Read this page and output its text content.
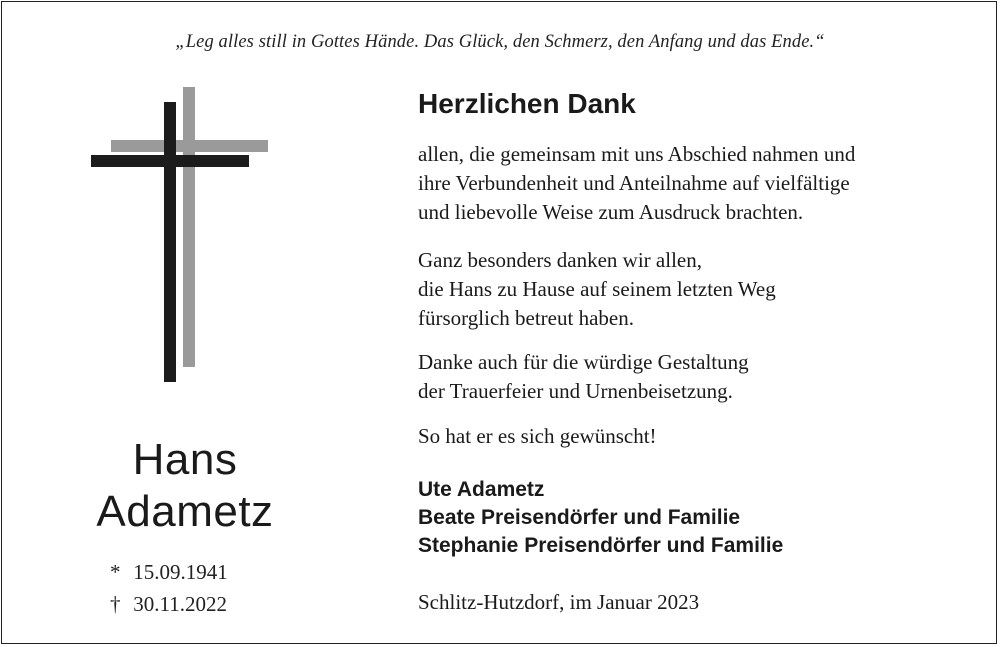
„Leg alles still in Gottes Hände. Das Glück, den Schmerz, den Anfang und das Ende.“
Hans
Adametz
* 15.09.1941
† 30.11.2022
Herzlichen Dank
allen, die gemeinsam mit uns Abschied nahmen und
ihre Verbundenheit und Anteilnahme auf vielfältige
und liebevolle Weise zum Ausdruck brachten.
Ganz besonders danken wir allen,
die Hans zu Hause auf seinem letzten Weg
fürsorglich betreut haben.
Danke auch für die würdige Gestaltung
der Trauerfeier und Urnenbeisetzung.
So hat er es sich gewünscht!
Ute Adametz
Beate Preisendörfer und Familie
Stephanie Preisendörfer und Familie
Schlitz-Hutzdorf, im Januar 2023
